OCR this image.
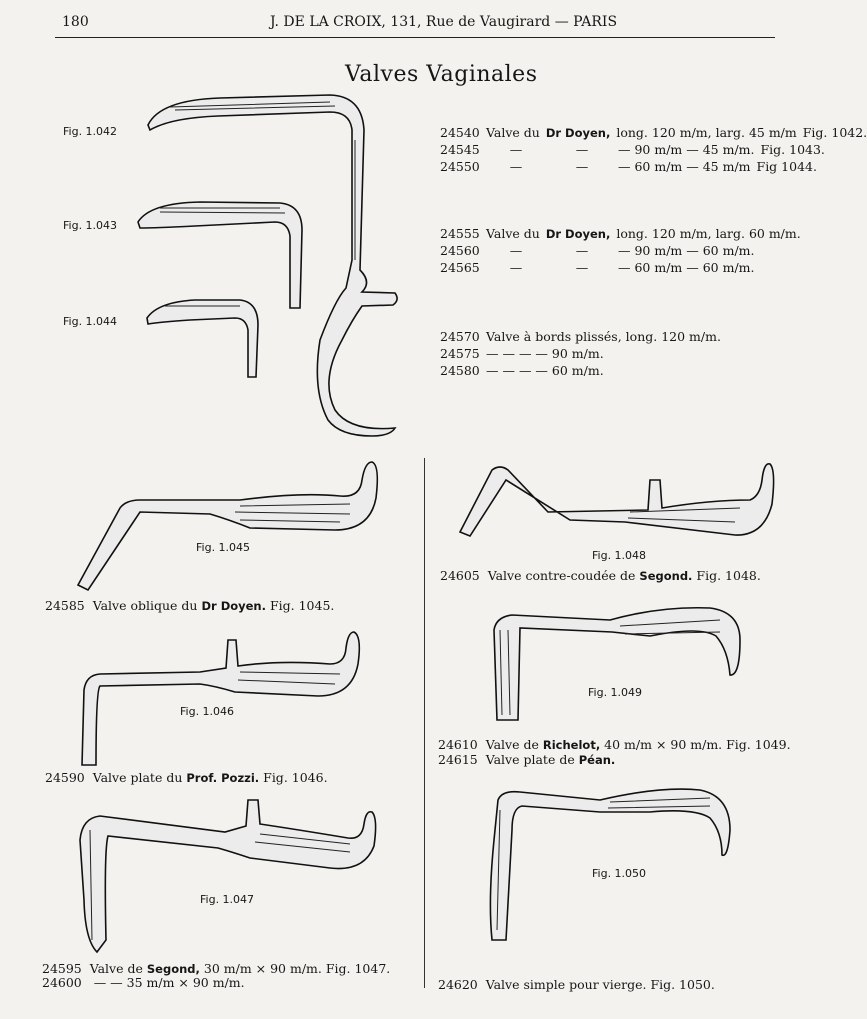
180	J. DE LA CROIX, 131, Rue de Vaugirard — PARIS
Valves Vaginales
Fig. 1.042
Fig. 1.043
Fig. 1.044
Fig. 1.045
Fig. 1.046
Fig. 1.047
Fig. 1.048
Fig. 1.049
Fig. 1.050
24540 Valve du Dr Doyen, long. 120 m/m, larg. 45 m/m Fig. 1042.
24545	—	—	— 90 m/m — 45 m/m. Fig. 1043.
24550	—	—	— 60 m/m — 45 m/m Fig 1044.
24555 Valve du Dr Doyen, long. 120 m/m, larg. 60 m/m.
24560	—	—	— 90 m/m — 60 m/m.
24565	—	—	— 60 m/m — 60 m/m.
24570 Valve à bords plissés, long. 120 m/m.
24575 — — — — 90 m/m.
24580 — — — — 60 m/m.
24585 Valve oblique du Dr Doyen. Fig. 1045.
24590 Valve plate du Prof. Pozzi. Fig. 1046.
24595 Valve de Segond, 30 m/m × 90 m/m. Fig. 1047.
24600 — — 35 m/m × 90 m/m.
24605 Valve contre-coudée de Segond. Fig. 1048.
24610 Valve de Richelot, 40 m/m × 90 m/m. Fig. 1049.
24615 Valve plate de Péan.
24620 Valve simple pour vierge. Fig. 1050.
